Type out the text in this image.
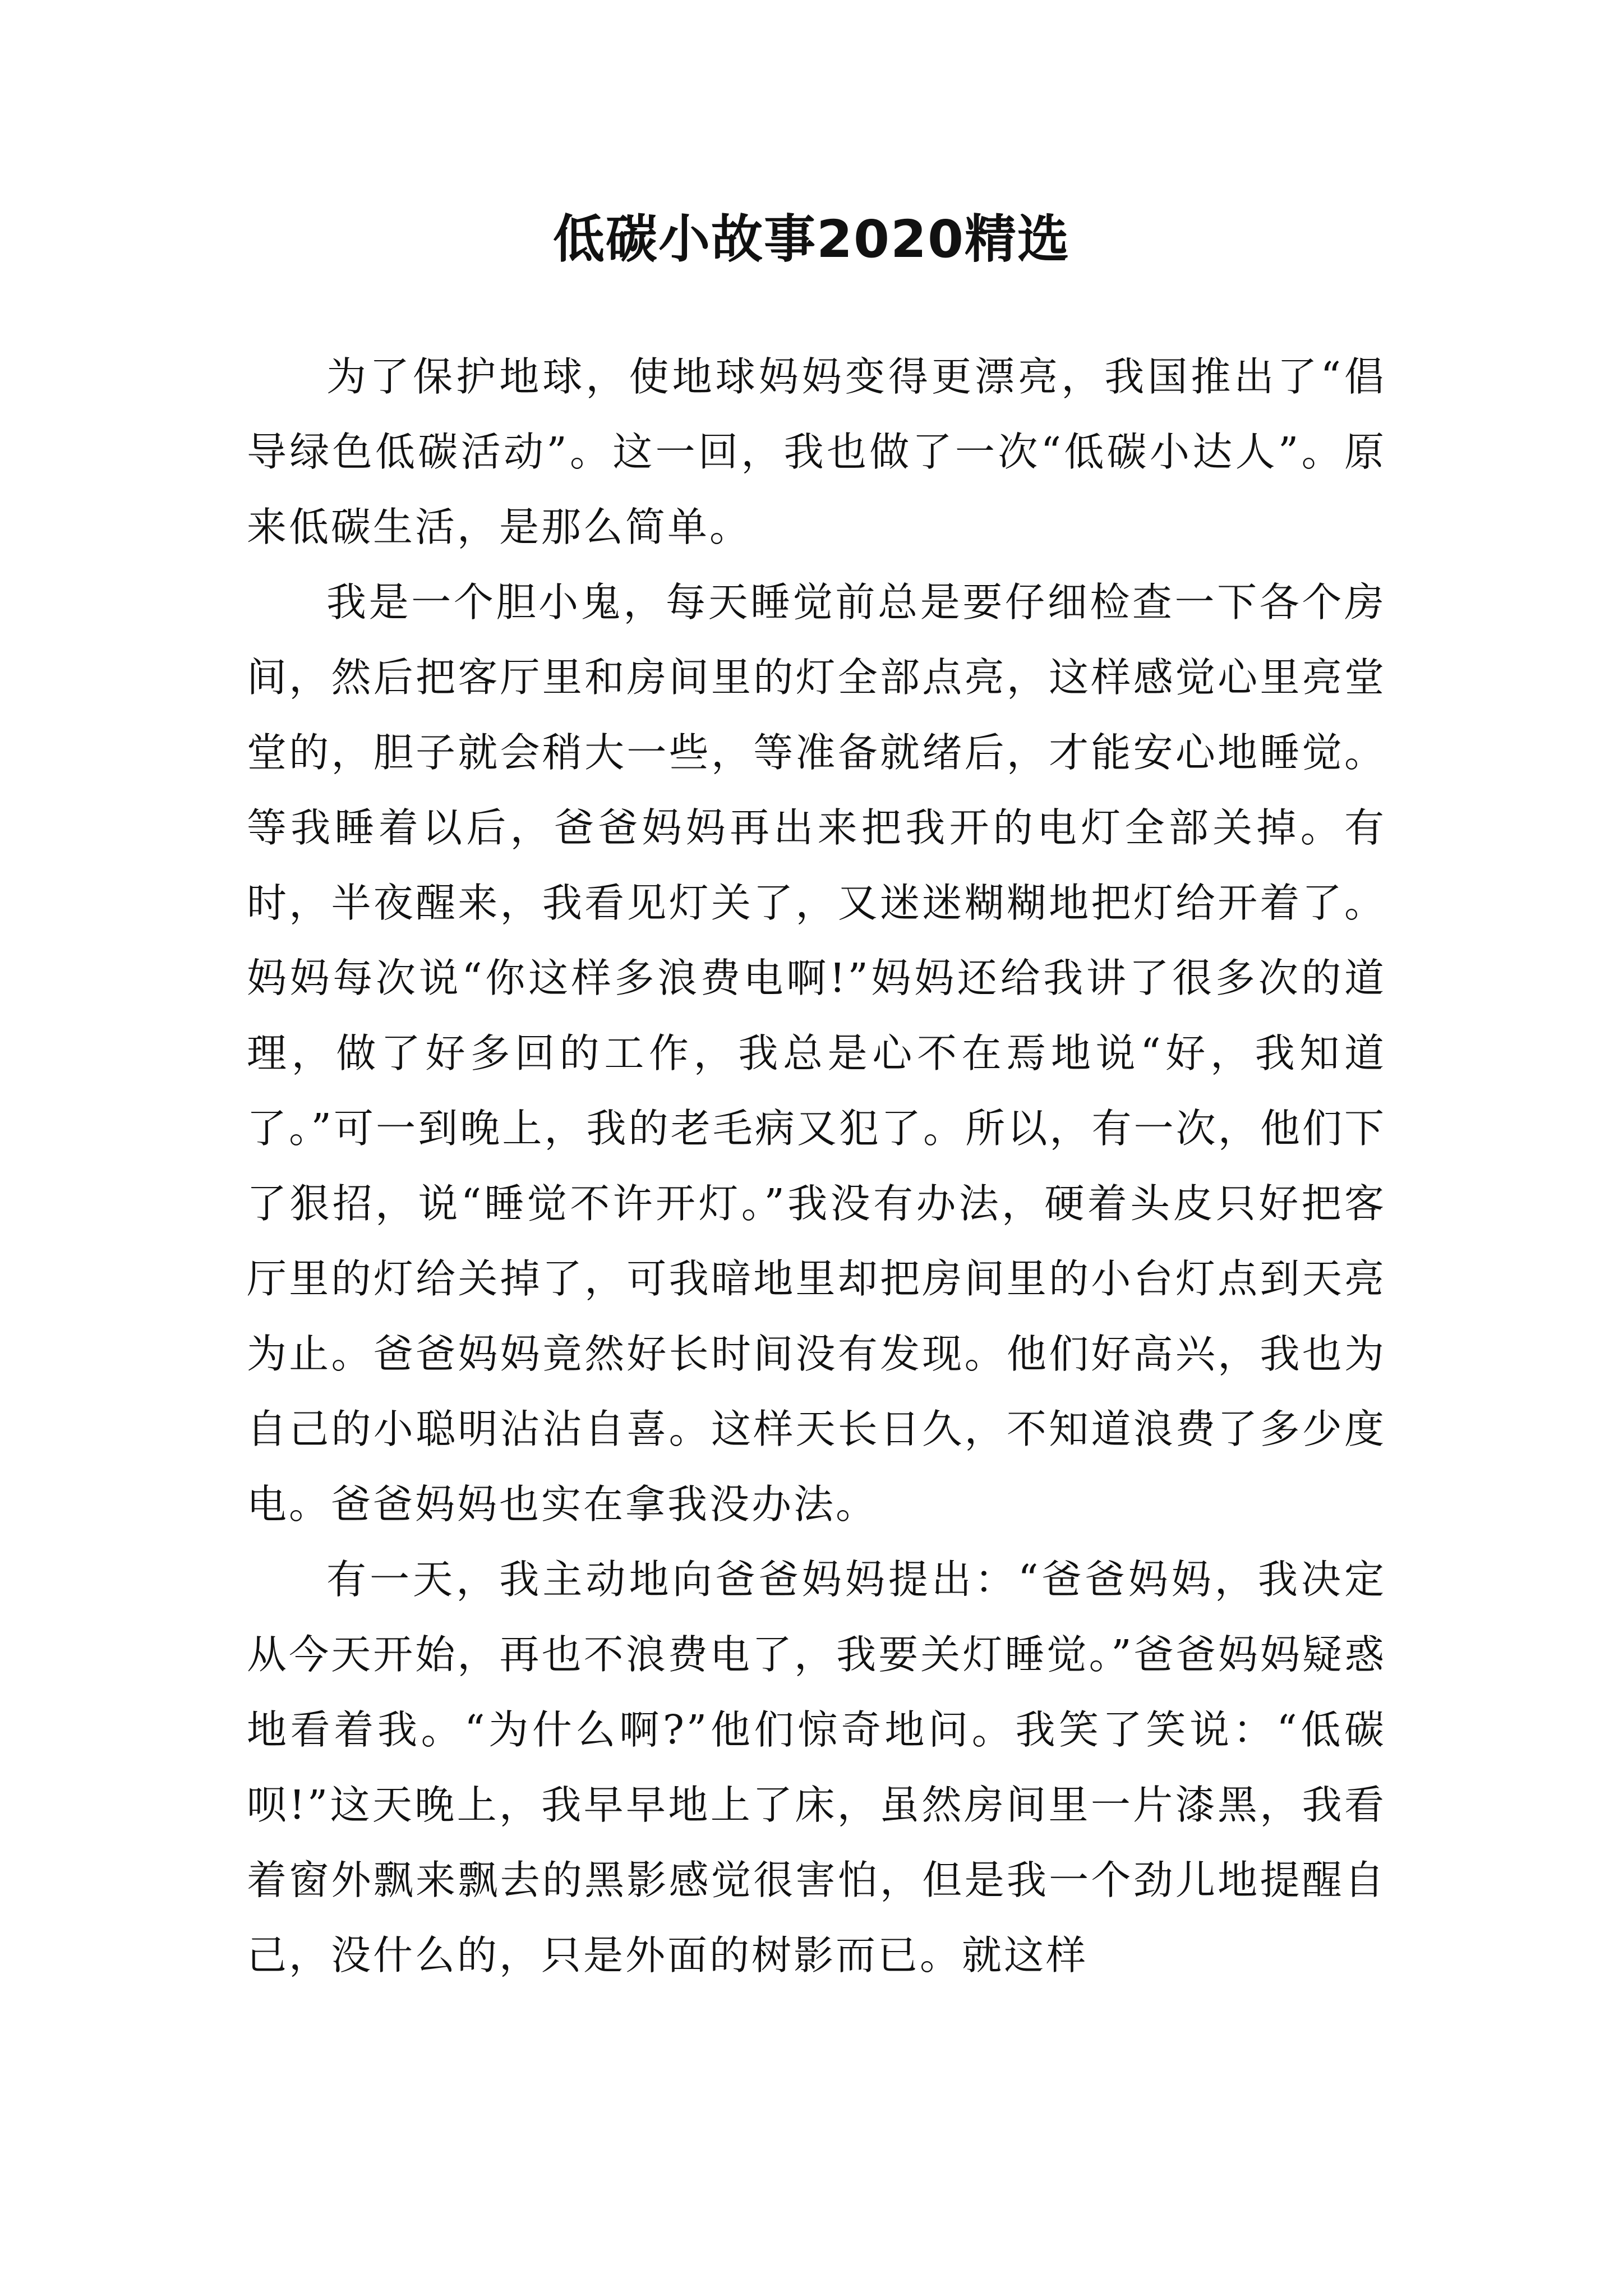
低碳小故事2020精选

为了保护地球，使地球妈妈变得更漂亮，我国推出了“倡导绿色低碳活动”。这一回，我也做了一次“低碳小达人”。原来低碳生活，是那么简单。

我是一个胆小鬼，每天睡觉前总是要仔细检查一下各个房间，然后把客厅里和房间里的灯全部点亮，这样感觉心里亮堂堂的，胆子就会稍大一些，等准备就绪后，才能安心地睡觉。等我睡着以后，爸爸妈妈再出来把我开的电灯全部关掉。有时，半夜醒来，我看见灯关了，又迷迷糊糊地把灯给开着了。妈妈每次说“你这样多浪费电啊!”妈妈还给我讲了很多次的道理，做了好多回的工作，我总是心不在焉地说“好，我知道了。”可一到晚上，我的老毛病又犯了。所以，有一次，他们下了狠招，说“睡觉不许开灯。”我没有办法，硬着头皮只好把客厅里的灯给关掉了，可我暗地里却把房间里的小台灯点到天亮为止。爸爸妈妈竟然好长时间没有发现。他们好高兴，我也为自己的小聪明沾沾自喜。这样天长日久，不知道浪费了多少度电。爸爸妈妈也实在拿我没办法。

有一天，我主动地向爸爸妈妈提出：“爸爸妈妈，我决定从今天开始，再也不浪费电了，我要关灯睡觉。”爸爸妈妈疑惑地看着我。“为什么啊?”他们惊奇地问。我笑了笑说：“低碳呗!”这天晚上，我早早地上了床，虽然房间里一片漆黑，我看着窗外飘来飘去的黑影感觉很害怕，但是我一个劲儿地提醒自己，没什么的，只是外面的树影而已。就这样
